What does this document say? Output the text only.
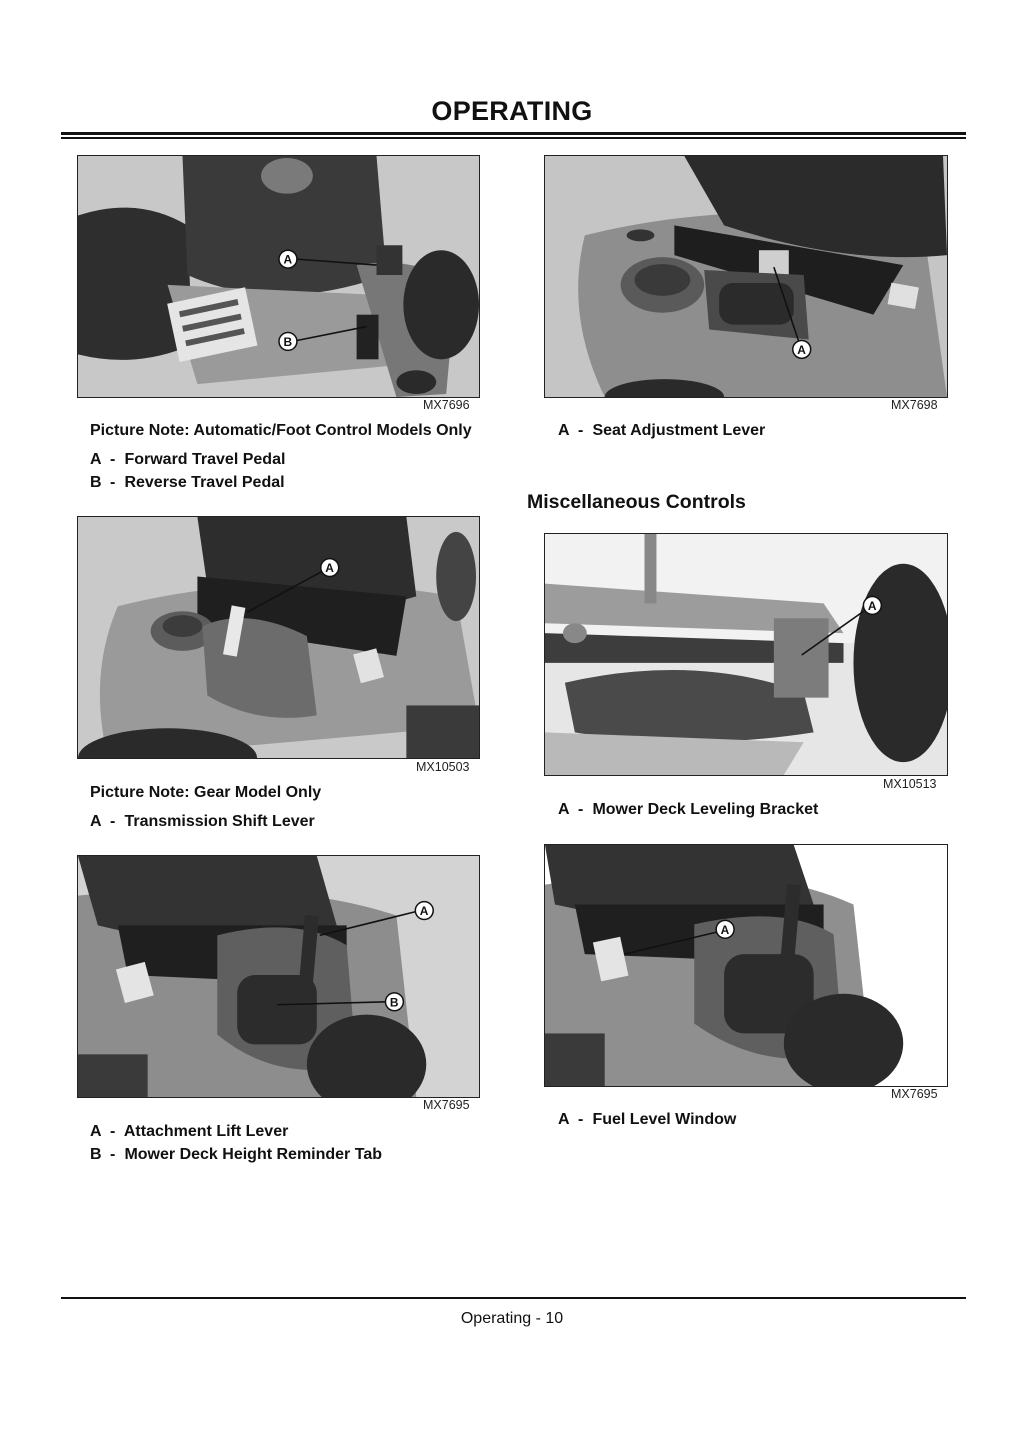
OPERATING
A
B
MX7696
Picture Note: Automatic/Foot Control Models Only
A - Forward Travel Pedal
B - Reverse Travel Pedal
A
MX7698
A - Seat Adjustment Lever
Miscellaneous Controls
A
MX10503
Picture Note: Gear Model Only
A - Transmission Shift Lever
A
MX10513
A - Mower Deck Leveling Bracket
A
B
MX7695
A - Attachment Lift Lever
B - Mower Deck Height Reminder Tab
A
MX7695
A - Fuel Level Window
Operating - 10
